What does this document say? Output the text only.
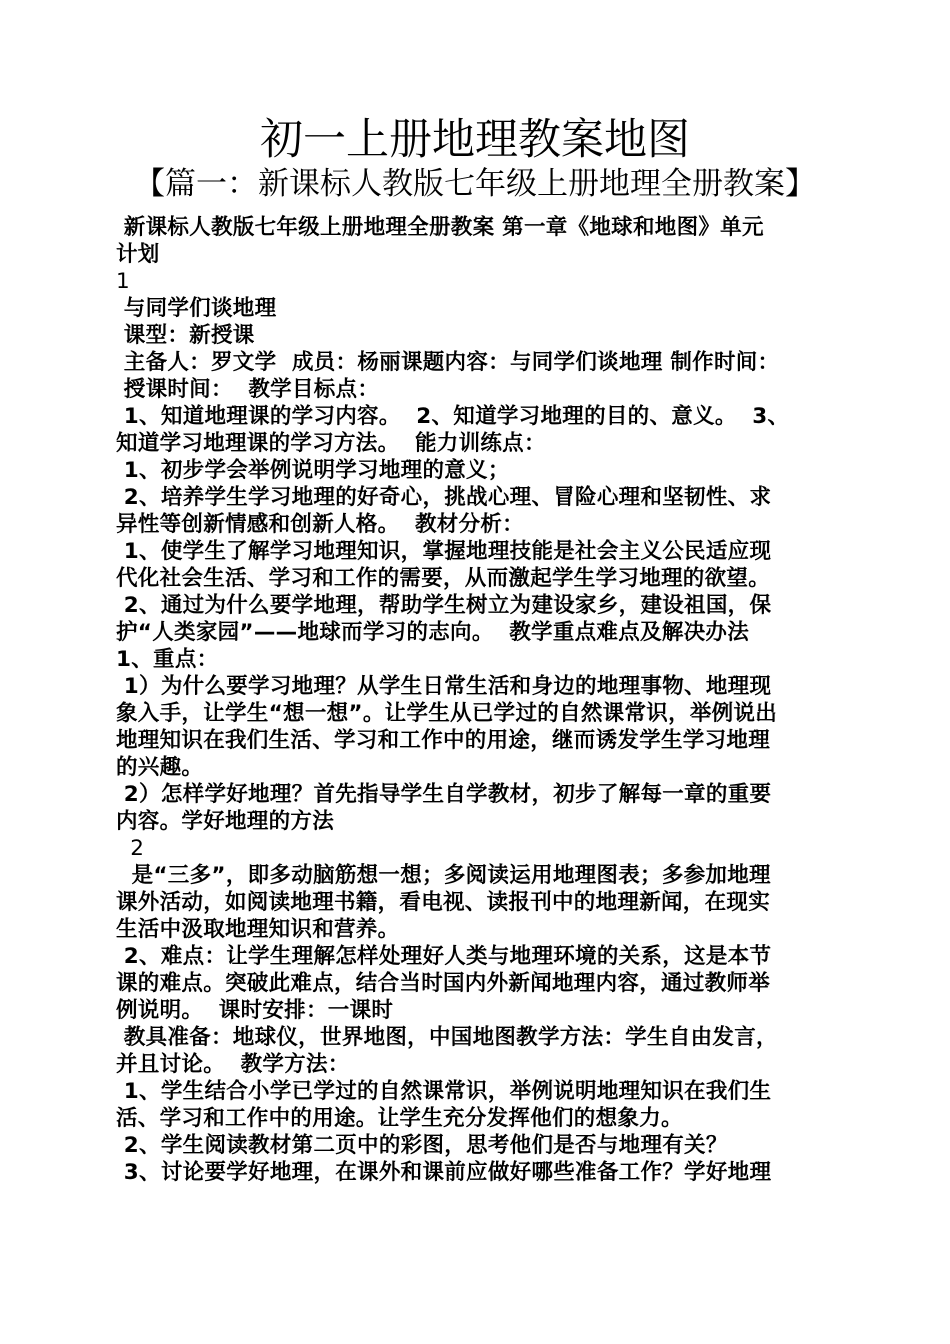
初一上册地理教案地图
【篇一：新课标人教版七年级上册地理全册教案】
新课标人教版七年级上册地理全册教案 第一章《地球和地图》单元
计划
1
与同学们谈地理
课型：新授课
主备人：罗文学  成员：杨丽课题内容：与同学们谈地理 制作时间：
授课时间：  教学目标点：
1、知道地理课的学习内容。  2、知道学习地理的目的、意义。  3、
知道学习地理课的学习方法。  能力训练点：
1、初步学会举例说明学习地理的意义；
2、培养学生学习地理的好奇心，挑战心理、冒险心理和坚韧性、求
异性等创新情感和创新人格。  教材分析：
1、使学生了解学习地理知识，掌握地理技能是社会主义公民适应现
代化社会生活、学习和工作的需要，从而激起学生学习地理的欲望。
2、通过为什么要学地理，帮助学生树立为建设家乡，建设祖国，保
护“人类家园”——地球而学习的志向。  教学重点难点及解决办法
1、重点：
1）为什么要学习地理？从学生日常生活和身边的地理事物、地理现
象入手，让学生“想一想”。让学生从已学过的自然课常识，举例说出
地理知识在我们生活、学习和工作中的用途，继而诱发学生学习地理
的兴趣。
2）怎样学好地理？首先指导学生自学教材，初步了解每一章的重要
内容。学好地理的方法
2
是“三多”，即多动脑筋想一想；多阅读运用地理图表；多参加地理
课外活动，如阅读地理书籍，看电视、读报刊中的地理新闻，在现实
生活中汲取地理知识和营养。
2、难点：让学生理解怎样处理好人类与地理环境的关系，这是本节
课的难点。突破此难点，结合当时国内外新闻地理内容，通过教师举
例说明。  课时安排：一课时
教具准备：地球仪，世界地图，中国地图教学方法：学生自由发言，
并且讨论。  教学方法：
1、学生结合小学已学过的自然课常识，举例说明地理知识在我们生
活、学习和工作中的用途。让学生充分发挥他们的想象力。
2、学生阅读教材第二页中的彩图，思考他们是否与地理有关？
3、讨论要学好地理，在课外和课前应做好哪些准备工作？学好地理
